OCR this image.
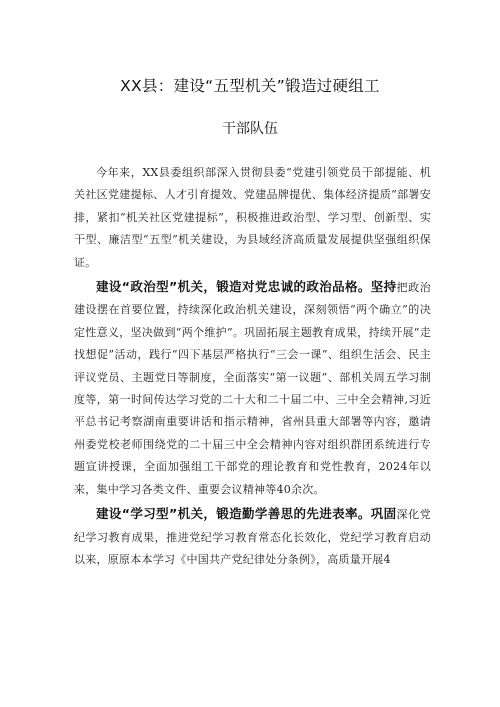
XX县：建设“五型机关”锻造过硬组工
干部队伍

今年来，XX县委组织部深入贯彻县委“党建引领党员干部提能、机关社区党建提标、人才引育提效、党建品牌提优、集体经济提质“部署安排，紧扣“机关社区党建提标”，积极推进政治型、学习型、创新型、实干型、廉洁型“五型”机关建设，为县域经济高质量发展提供坚强组织保证。

建设“政治型”机关，锻造对党忠诚的政治品格。坚持把政治建设摆在首要位置，持续深化政治机关建设，深刻领悟“两个确立”的决定性意义，坚决做到“两个维护”。巩固拓展主题教育成果，持续开展“走找想促”活动，践行“四下基层严格执行“三会一课”、组织生活会、民主评议党员、主题党日等制度，全面落实“第一议题”、部机关周五学习制度等，第一时间传达学习党的二十大和二十届二中、三中全会精神,习近平总书记考察湖南重要讲话和指示精神，省州县重大部署等内容，邀请州委党校老师围绕党的二十届三中全会精神内容对组织群团系统进行专题宣讲授课，全面加强组工干部党的理论教育和党性教育，2024年以来，集中学习各类文件、重要会议精神等40余次。

建设“学习型”机关，锻造勤学善思的先进表率。巩固深化党纪学习教育成果，推进党纪学习教育常态化长效化，党纪学习教育启动以来，原原本本学习《中国共产党纪律处分条例》，高质量开展4
